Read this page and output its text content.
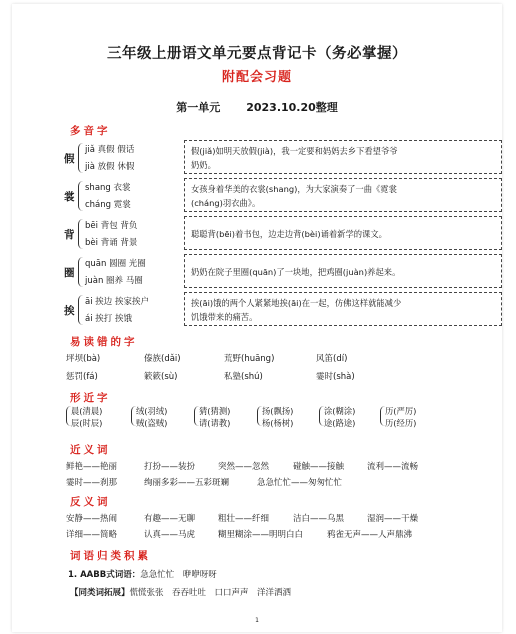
三年级上册语文单元要点背记卡（务必掌握）
附配会习题
第一单元 2023.10.20整理
多音字
假
jiǎ 真假 假话
jià 放假 休假
假(jiǎ)如明天放假(jià)，我一定要和妈妈去乡下看望爷爷
奶奶。
裳
shang 衣裳
cháng 霓裳
女孩身着华美的衣裳(shang)，为大家演奏了一曲《霓裳
(cháng)羽衣曲》。
背
bēi 背包 背负
bèi 背诵 背景
聪聪背(bēi)着书包，边走边背(bèi)诵着新学的课文。
圈
quān 圆圈 光圈
juàn 圈养 马圈
奶奶在院子里圈(quān)了一块地，把鸡圈(juàn)养起来。
挨
āi 挨边 挨家挨户
ái 挨打 挨饿
挨(āi)饿的两个人紧紧地挨(āi)在一起，仿佛这样就能减少
饥饿带来的痛苦。
易读错的字
坪坝(bà)	傣族(dǎi)	荒野(huāng)	风笛(dí)
惩罚(fá)	簌簌(sù)	私塾(shú)	霎时(shà)
形近字
晨(清晨)
辰(时辰)
绒(羽绒)
贼(盗贼)
猜(猜测)
请(请教)
扬(飘扬)
杨(杨树)
涂(糊涂)
途(路途)
历(严厉)
历(经历)
近义词
鲜艳——艳丽	打扮——装扮	突然——忽然	碰触——接触	流利——流畅
霎时——刹那	绚丽多彩——五彩斑斓	急急忙忙——匆匆忙忙
反义词
安静——热闹	有趣——无聊	粗壮——纤细	洁白——乌黑	湿润——干燥
详细——简略	认真——马虎	糊里糊涂——明明白白	鸦雀无声——人声鼎沸
词语归类积累
1. AABB式词语：急急忙忙　咿咿呀呀
【同类词拓展】慌慌张张　吞吞吐吐　口口声声　洋洋洒洒
1
